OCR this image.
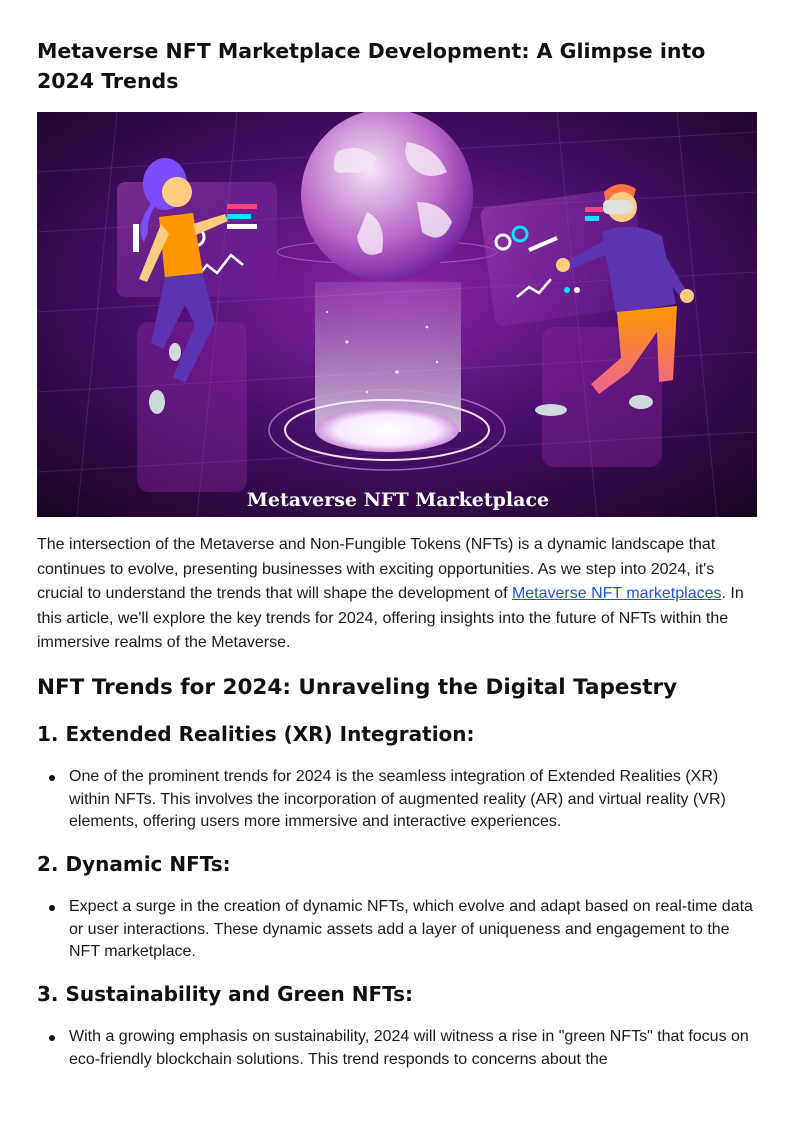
Metaverse NFT Marketplace Development: A Glimpse into 2024 Trends
Metaverse NFT Marketplace

The intersection of the Metaverse and Non-Fungible Tokens (NFTs) is a dynamic landscape that continues to evolve, presenting businesses with exciting opportunities. As we step into 2024, it's crucial to understand the trends that will shape the development of Metaverse NFT marketplaces. In this article, we'll explore the key trends for 2024, offering insights into the future of NFTs within the immersive realms of the Metaverse.

NFT Trends for 2024: Unraveling the Digital Tapestry
1. Extended Realities (XR) Integration:
One of the prominent trends for 2024 is the seamless integration of Extended Realities (XR) within NFTs. This involves the incorporation of augmented reality (AR) and virtual reality (VR) elements, offering users more immersive and interactive experiences.
2. Dynamic NFTs:
Expect a surge in the creation of dynamic NFTs, which evolve and adapt based on real-time data or user interactions. These dynamic assets add a layer of uniqueness and engagement to the NFT marketplace.
3. Sustainability and Green NFTs:
With a growing emphasis on sustainability, 2024 will witness a rise in "green NFTs" that focus on eco-friendly blockchain solutions. This trend responds to concerns about the
